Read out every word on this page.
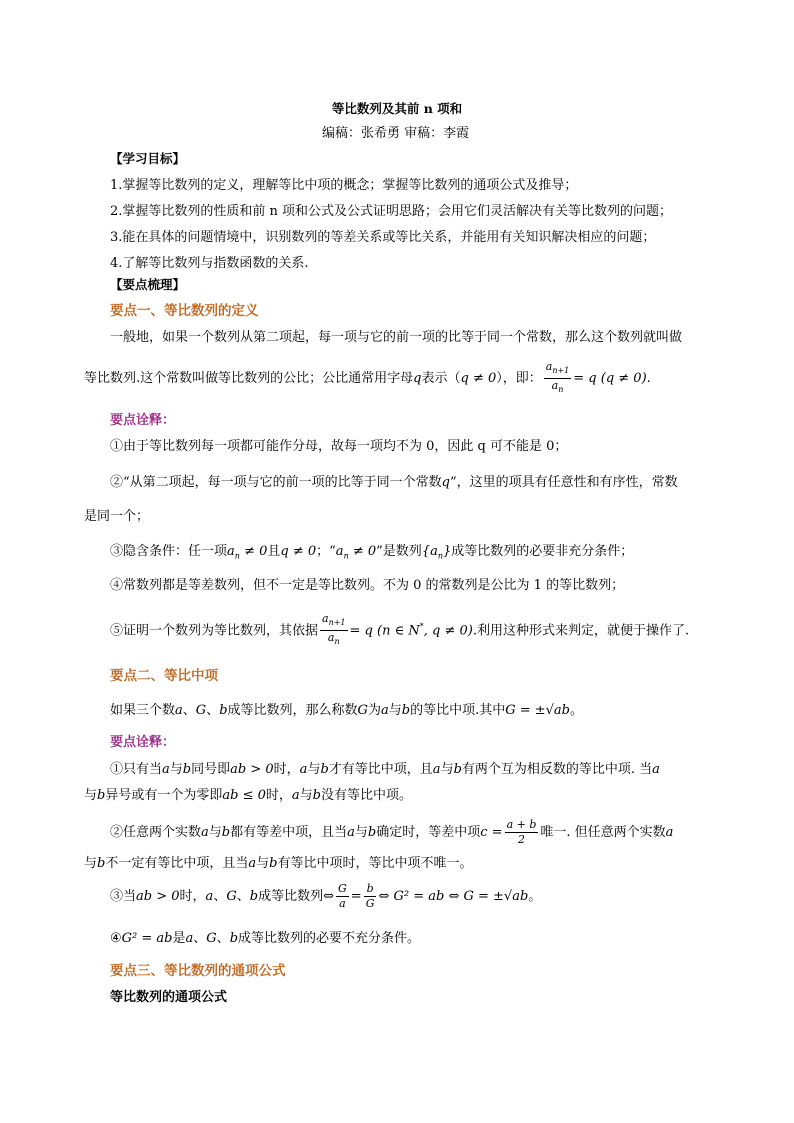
等比数列及其前 n 项和
编稿：张希勇 审稿：李霞
【学习目标】
1.掌握等比数列的定义，理解等比中项的概念；掌握等比数列的通项公式及推导；
2.掌握等比数列的性质和前 n 项和公式及公式证明思路；会用它们灵活解决有关等比数列的问题；
3.能在具体的问题情境中，识别数列的等差关系或等比关系，并能用有关知识解决相应的问题；
4.了解等比数列与指数函数的关系.
【要点梳理】
要点一、等比数列的定义
一般地，如果一个数列从第二项起，每一项与它的前一项的比等于同一个常数，那么这个数列就叫做
等比数列.这个常数叫做等比数列的公比；公比通常用字母q表示（q ≠ 0），即： $\frac{a_{n+1}}{a_n} = q$ (q ≠ 0).
要点诠释：
①由于等比数列每一项都可能作分母，故每一项均不为 0，因此 q 可不能是 0；
②“从第二项起，每一项与它的前一项的比等于同一个常数q”，这里的项具有任意性和有序性，常数
是同一个；
③隐含条件：任一项$a_n \ne 0$且q ≠ 0；“$a_n \ne 0$”是数列$\{a_n\}$成等比数列的必要非充分条件；
④常数列都是等差数列，但不一定是等比数列。不为 0 的常数列是公比为 1 的等比数列；
⑤证明一个数列为等比数列，其依据 $\frac{a_{n+1}}{a_n} = q$ (n ∈ N*, q ≠ 0).利用这种形式来判定，就便于操作了.
要点二、等比中项
如果三个数a、G、b成等比数列，那么称数G为a与b的等比中项.其中G = ±√ab。
要点诠释：
①只有当a与b同号即ab > 0时，a与b才有等比中项，且a与b有两个互为相反数的等比中项. 当a
与b异号或有一个为零即ab ≤ 0时，a与b没有等比中项。
②任意两个实数a与b都有等差中项，且当a与b确定时，等差中项$c = \frac{a + b}{2}$ 唯一. 但任意两个实数a
与b不一定有等比中项，且当a与b有等比中项时，等比中项不唯一。
③当ab > 0时，a、G、b成等比数列⇔ $\frac{G}{a} = \frac{b}{G}$ ⇔ G² = ab ⇔ G = ±√ab。
④G² = ab是a、G、b成等比数列的必要不充分条件。
要点三、等比数列的通项公式
等比数列的通项公式
